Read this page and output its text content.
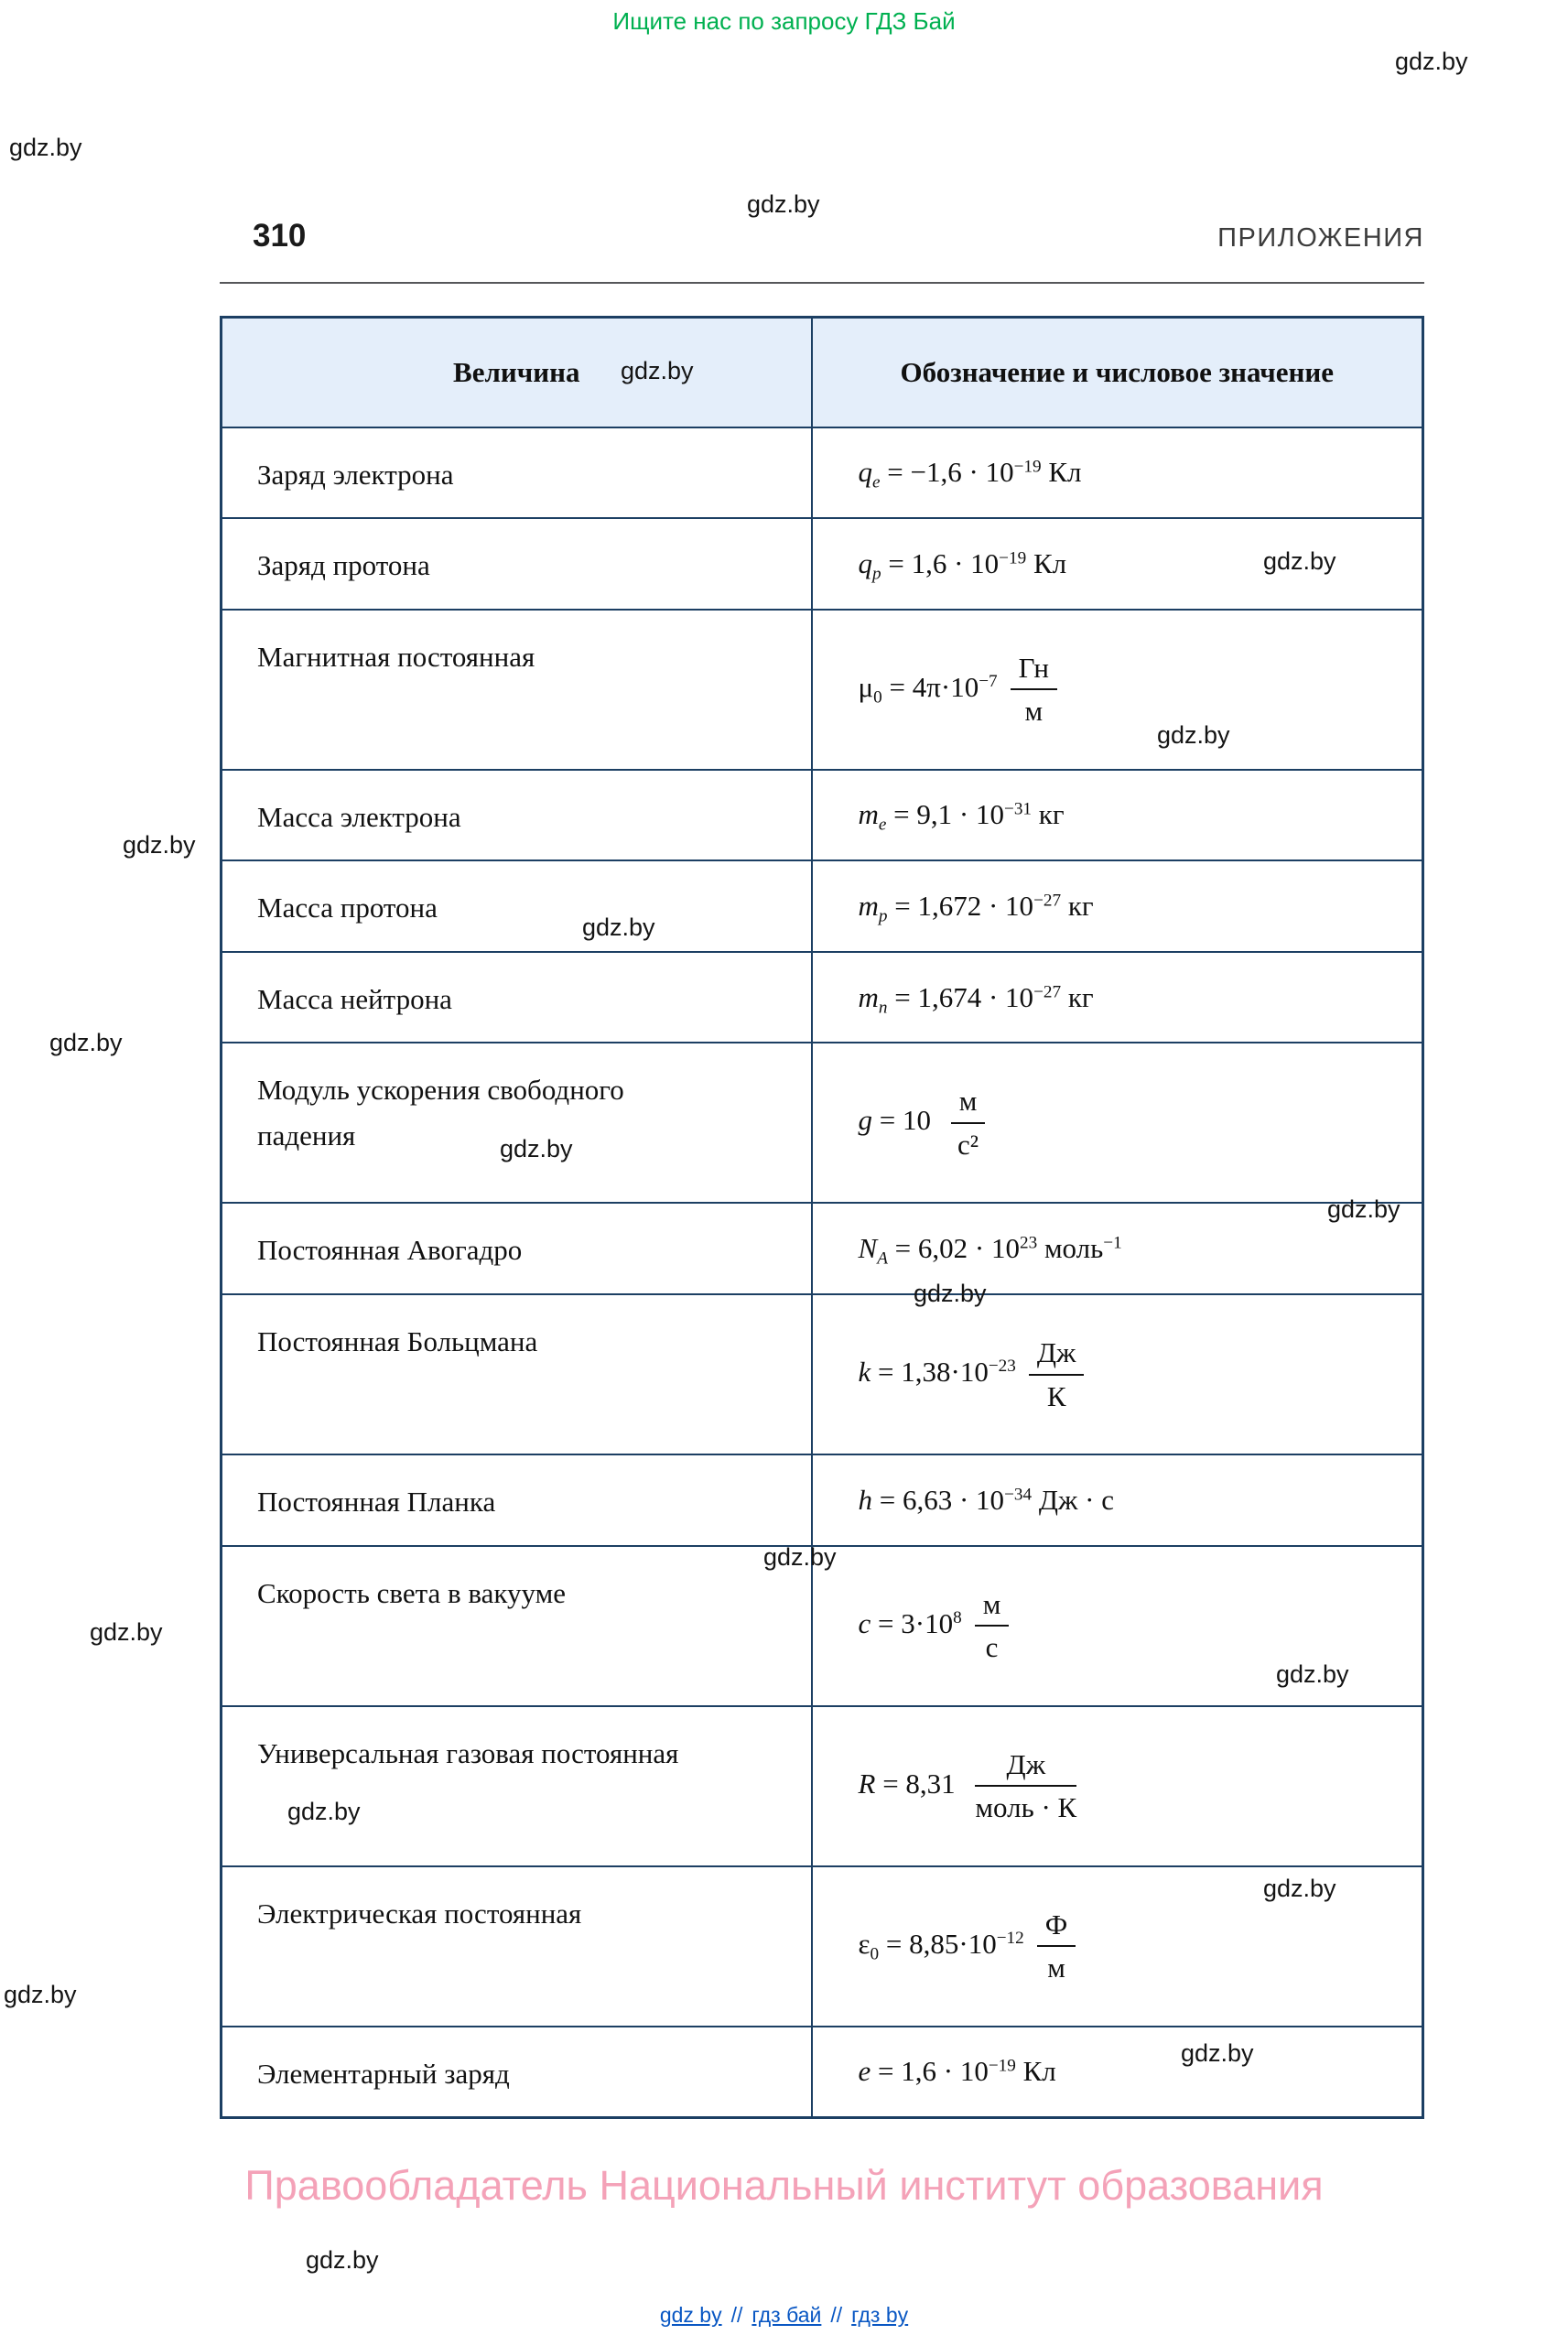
Ищите нас по запросу ГДЗ Бай
gdz.by
gdz.by
gdz.by
gdz.by
gdz.by
gdz.by
gdz.by
gdz.by
gdz.by
gdz.by
gdz.by
gdz.by
gdz.by
gdz.by
gdz.by
gdz.by
gdz.by
gdz.by
gdz.by
gdz.by
310	ПРИЛОЖЕНИЯ
Величина	Обозначение и числовое значение
Заряд электрона	$q_e = -1,6 \cdot 10^{-19}$ Кл
Заряд протона	$q_p = 1,6 \cdot 10^{-19}$ Кл
Магнитная постоянная	$\mu_0 = 4\pi\cdot 10^{-7} \frac{Гн}{м}$

Масса электрона	$m_e = 9,1 \cdot 10^{-31}$ кг
Масса протона	$m_p = 1,672 \cdot 10^{-27}$ кг
Масса нейтрона	$m_n = 1,674 \cdot 10^{-27}$ кг
Модуль ускорения свободного падения	$g = 10 \frac{м}{\text{с²}}$

Постоянная Авогадро	$N_A = 6,02 \cdot 10^{23}$ моль$^{-1}$
Постоянная Больцмана	$k = 1,38\cdot 10^{-23} \frac{Дж}{К}$

Постоянная Планка	$h = 6,63 \cdot 10^{-34}$ Дж · с
Скорость света в вакууме	$c = 3\cdot 10^8 \frac{м}{с}$

Универсальная газовая постоянная	$R = 8,31 \frac{Дж}{\text{моль · К}}$

Электрическая постоянная	$\varepsilon_0 = 8,85\cdot 10^{-12} \frac{Ф}{м}$

Элементарный заряд	$e = 1,6 \cdot 10^{-19}$ Кл
Правообладатель Национальный институт образования
gdz by // гдз бай // гдз by
